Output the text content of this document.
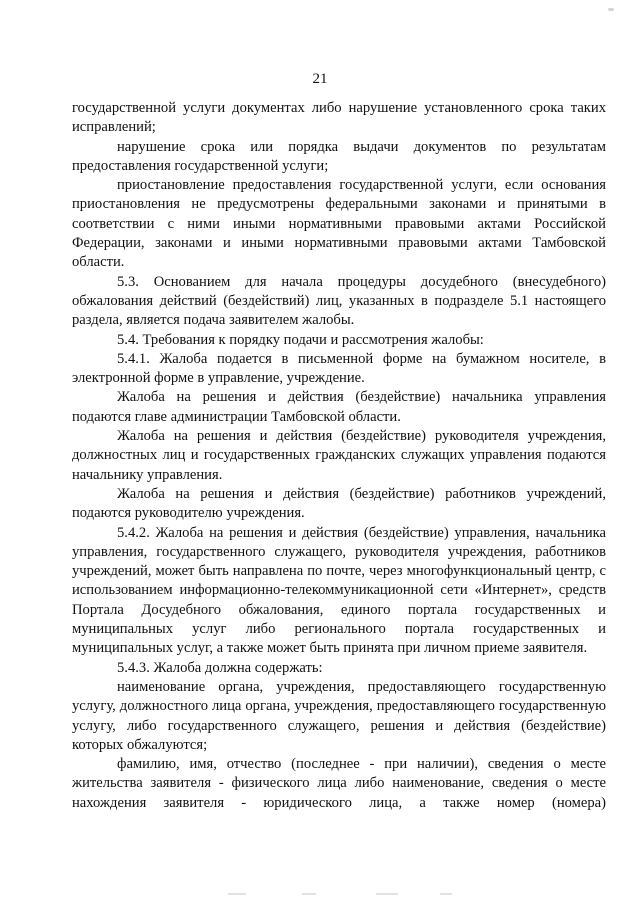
21

государственной услуги документах либо нарушение установленного срока таких исправлений;

нарушение срока или порядка выдачи документов по результатам предоставления государственной услуги;

приостановление предоставления государственной услуги, если основания приостановления не предусмотрены федеральными законами и принятыми в соответствии с ними иными нормативными правовыми актами Российской Федерации, законами и иными нормативными правовыми актами Тамбовской области.

5.3. Основанием для начала процедуры досудебного (внесудебного) обжалования действий (бездействий) лиц, указанных в подразделе 5.1 настоящего раздела, является подача заявителем жалобы.

5.4. Требования к порядку подачи и рассмотрения жалобы:

5.4.1. Жалоба подается в письменной форме на бумажном носителе, в электронной форме в управление, учреждение.

Жалоба на решения и действия (бездействие) начальника управления подаются главе администрации Тамбовской области.

Жалоба на решения и действия (бездействие) руководителя учреждения, должностных лиц и государственных гражданских служащих управления подаются начальнику управления.

Жалоба на решения и действия (бездействие) работников учреждений, подаются руководителю учреждения.

5.4.2. Жалоба на решения и действия (бездействие) управления, начальника управления, государственного служащего, руководителя учреждения, работников учреждений, может быть направлена по почте, через многофункциональный центр, с использованием информационно-телекоммуникационной сети «Интернет», средств Портала Досудебного обжалования, единого портала государственных и муниципальных услуг либо регионального портала государственных и муниципальных услуг, а также может быть принята при личном приеме заявителя.

5.4.3. Жалоба должна содержать:

наименование органа, учреждения, предоставляющего государственную услугу, должностного лица органа, учреждения, предоставляющего государственную услугу, либо государственного служащего, решения и действия (бездействие) которых обжалуются;

фамилию, имя, отчество (последнее - при наличии), сведения о месте жительства заявителя - физического лица либо наименование, сведения о месте нахождения заявителя - юридического лица, а также номер (номера)
